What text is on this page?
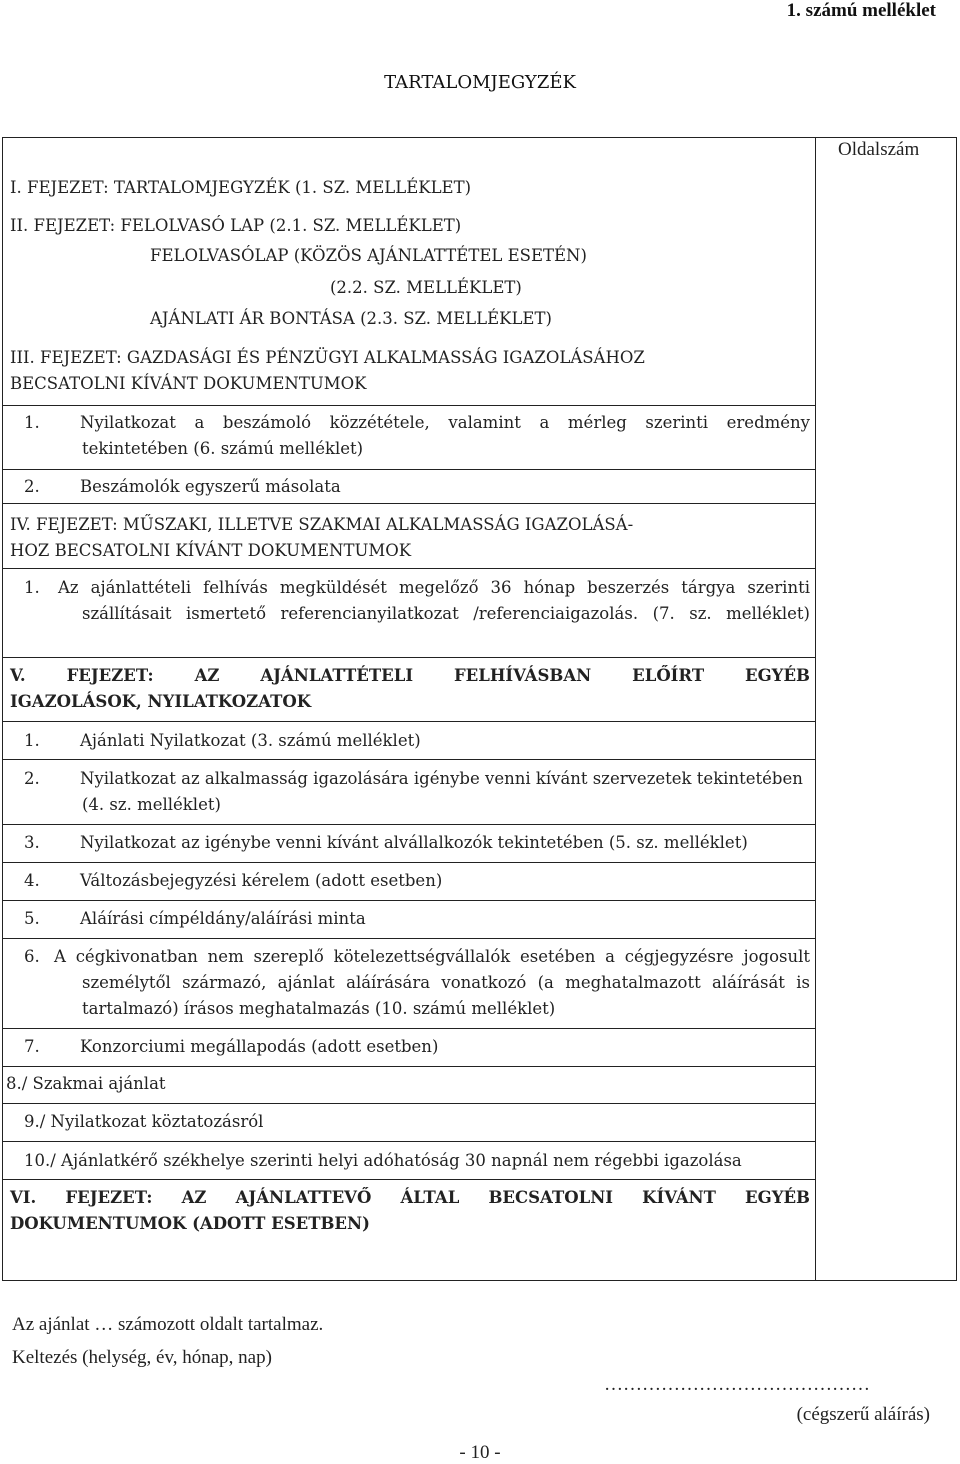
1. számú melléklet
TARTALOMJEGYZÉK
Oldalszám
I. FEJEZET: TARTALOMJEGYZÉK (1. SZ. MELLÉKLET)
II. FEJEZET: FELOLVASÓ LAP (2.1. SZ. MELLÉKLET)
FELOLVASÓLAP (KÖZÖS AJÁNLATTÉTEL ESETÉN)
(2.2. SZ. MELLÉKLET)
AJÁNLATI ÁR BONTÁSA (2.3. SZ. MELLÉKLET)
III. FEJEZET: GAZDASÁGI ÉS PÉNZÜGYI ALKALMASSÁG IGAZOLÁSÁHOZ
BECSATOLNI KÍVÁNT DOKUMENTUMOK
1. Nyilatkozat a beszámoló közzététele, valamint a mérleg szerinti eredmény
tekintetében (6. számú melléklet)
2. Beszámolók egyszerű másolata
IV. FEJEZET: MŰSZAKI, ILLETVE SZAKMAI ALKALMASSÁG IGAZOLÁSÁ-
HOZ BECSATOLNI KÍVÁNT DOKUMENTUMOK
1. Az ajánlattételi felhívás megküldését megelőző 36 hónap beszerzés tárgya szerinti
szállításait ismertető referencianyilatkozat /referenciaigazolás. (7. sz. melléklet)
V. FEJEZET: AZ AJÁNLATTÉTELI FELHÍVÁSBAN ELŐÍRT EGYÉB
IGAZOLÁSOK, NYILATKOZATOK
1. Ajánlati Nyilatkozat (3. számú melléklet)
2. Nyilatkozat az alkalmasság igazolására igénybe venni kívánt szervezetek tekintetében
(4. sz. melléklet)
3. Nyilatkozat az igénybe venni kívánt alvállalkozók tekintetében (5. sz. melléklet)
4. Változásbejegyzési kérelem (adott esetben)
5. Aláírási címpéldány/aláírási minta
6. A cégkivonatban nem szereplő kötelezettségvállalók esetében a cégjegyzésre jogosult
személytől származó, ajánlat aláírására vonatkozó (a meghatalmazott aláírását is
tartalmazó) írásos meghatalmazás (10. számú melléklet)
7. Konzorciumi megállapodás (adott esetben)
8./ Szakmai ajánlat
9./ Nyilatkozat köztatozásról
10./ Ajánlatkérő székhelye szerinti helyi adóhatóság 30 napnál nem régebbi igazolása
VI. FEJEZET: AZ AJÁNLATTEVŐ ÁLTAL BECSATOLNI KÍVÁNT EGYÉB
DOKUMENTUMOK (ADOTT ESETBEN)
Az ajánlat … számozott oldalt tartalmaz.
Keltezés (helység, év, hónap, nap)
……………………………………
(cégszerű aláírás)
- 10 -
